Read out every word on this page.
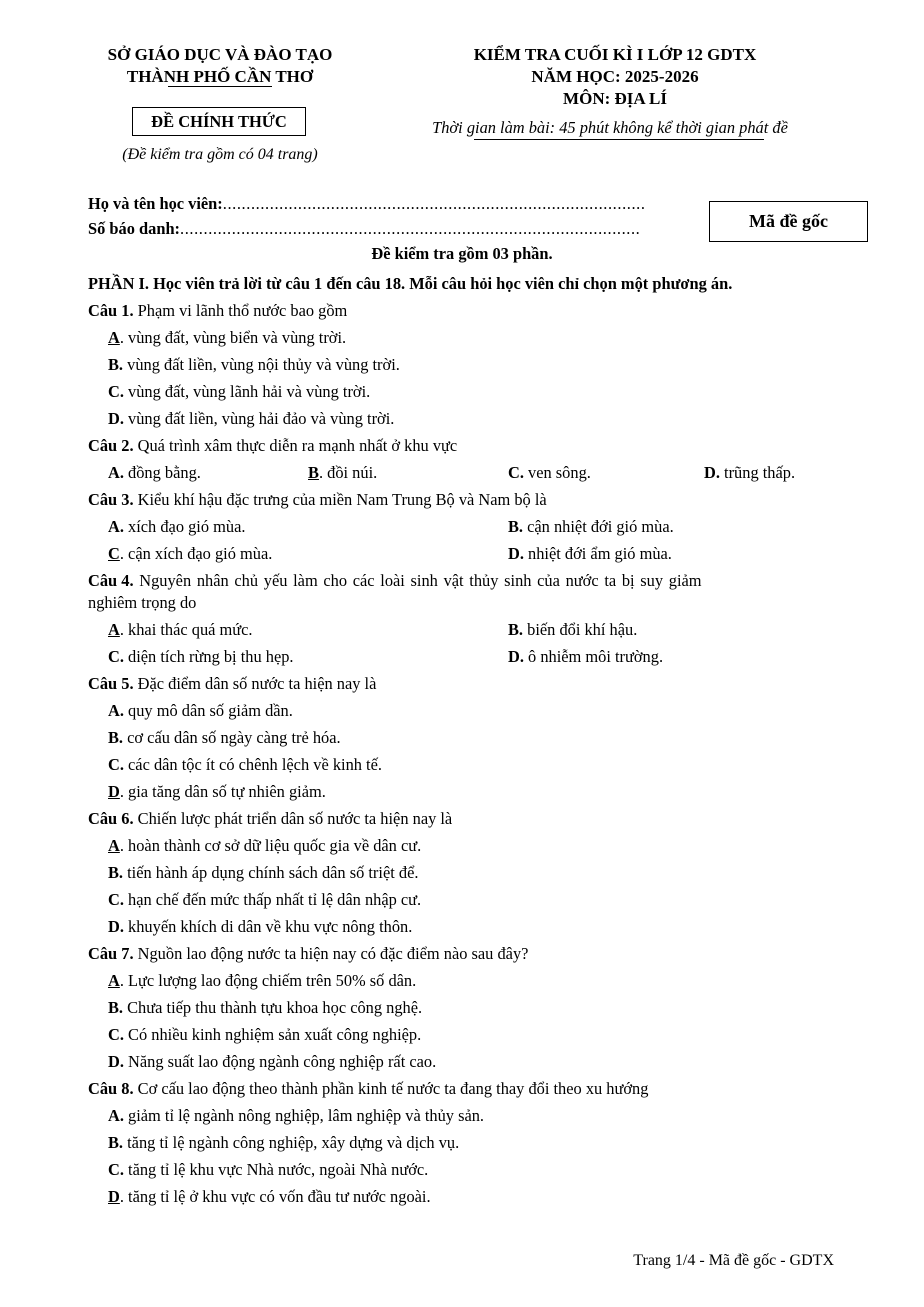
SỞ GIÁO DỤC VÀ ĐÀO TẠO
THÀNH PHỐ CẦN THƠ
ĐỀ CHÍNH THỨC
(Đề kiểm tra gồm có 04 trang)
KIỂM TRA CUỐI KÌ I LỚP 12 GDTX
NĂM HỌC: 2025-2026
MÔN: ĐỊA LÍ
Thời gian làm bài: 45 phút không kể thời gian phát đề
Họ và tên học viên:..........................................................................................
Số báo danh:..................................................................................................	Mã đề gốc
Đề kiểm tra gồm 03 phần.
PHẦN I. Học viên trả lời từ câu 1 đến câu 18. Mỗi câu hỏi học viên chỉ chọn một phương án.
Câu 1. Phạm vi lãnh thổ nước bao gồm
A. vùng đất, vùng biển và vùng trời.
B. vùng đất liền, vùng nội thủy và vùng trời.
C. vùng đất, vùng lãnh hải và vùng trời.
D. vùng đất liền, vùng hải đảo và vùng trời.
Câu 2. Quá trình xâm thực diễn ra mạnh nhất ở khu vực
A. đồng bằng.	B. đồi núi.	C. ven sông.	D. trũng thấp.
Câu 3. Kiểu khí hậu đặc trưng của miền Nam Trung Bộ và Nam bộ là
A. xích đạo gió mùa.	B. cận nhiệt đới gió mùa.
C. cận xích đạo gió mùa.	D. nhiệt đới ẩm gió mùa.
Câu 4. Nguyên nhân chủ yếu làm cho các loài sinh vật thủy sinh của nước ta bị suy giảm
nghiêm trọng do
A. khai thác quá mức.	B. biến đổi khí hậu.
C. diện tích rừng bị thu hẹp.	D. ô nhiễm môi trường.
Câu 5. Đặc điểm dân số nước ta hiện nay là
A. quy mô dân số giảm dần.
B. cơ cấu dân số ngày càng trẻ hóa.
C. các dân tộc ít có chênh lệch về kinh tế.
D. gia tăng dân số tự nhiên giảm.
Câu 6. Chiến lược phát triển dân số nước ta hiện nay là
A. hoàn thành cơ sở dữ liệu quốc gia về dân cư.
B. tiến hành áp dụng chính sách dân số triệt để.
C. hạn chế đến mức thấp nhất tỉ lệ dân nhập cư.
D. khuyến khích di dân về khu vực nông thôn.
Câu 7. Nguồn lao động nước ta hiện nay có đặc điểm nào sau đây?
A. Lực lượng lao động chiếm trên 50% số dân.
B. Chưa tiếp thu thành tựu khoa học công nghệ.
C. Có nhiều kinh nghiệm sản xuất công nghiệp.
D. Năng suất lao động ngành công nghiệp rất cao.
Câu 8. Cơ cấu lao động theo thành phần kinh tế nước ta đang thay đổi theo xu hướng
A. giảm tỉ lệ ngành nông nghiệp, lâm nghiệp và thủy sản.
B. tăng tỉ lệ ngành công nghiệp, xây dựng và dịch vụ.
C. tăng tỉ lệ khu vực Nhà nước, ngoài Nhà nước.
D. tăng tỉ lệ ở khu vực có vốn đầu tư nước ngoài.
Trang 1/4 - Mã đề gốc - GDTX
